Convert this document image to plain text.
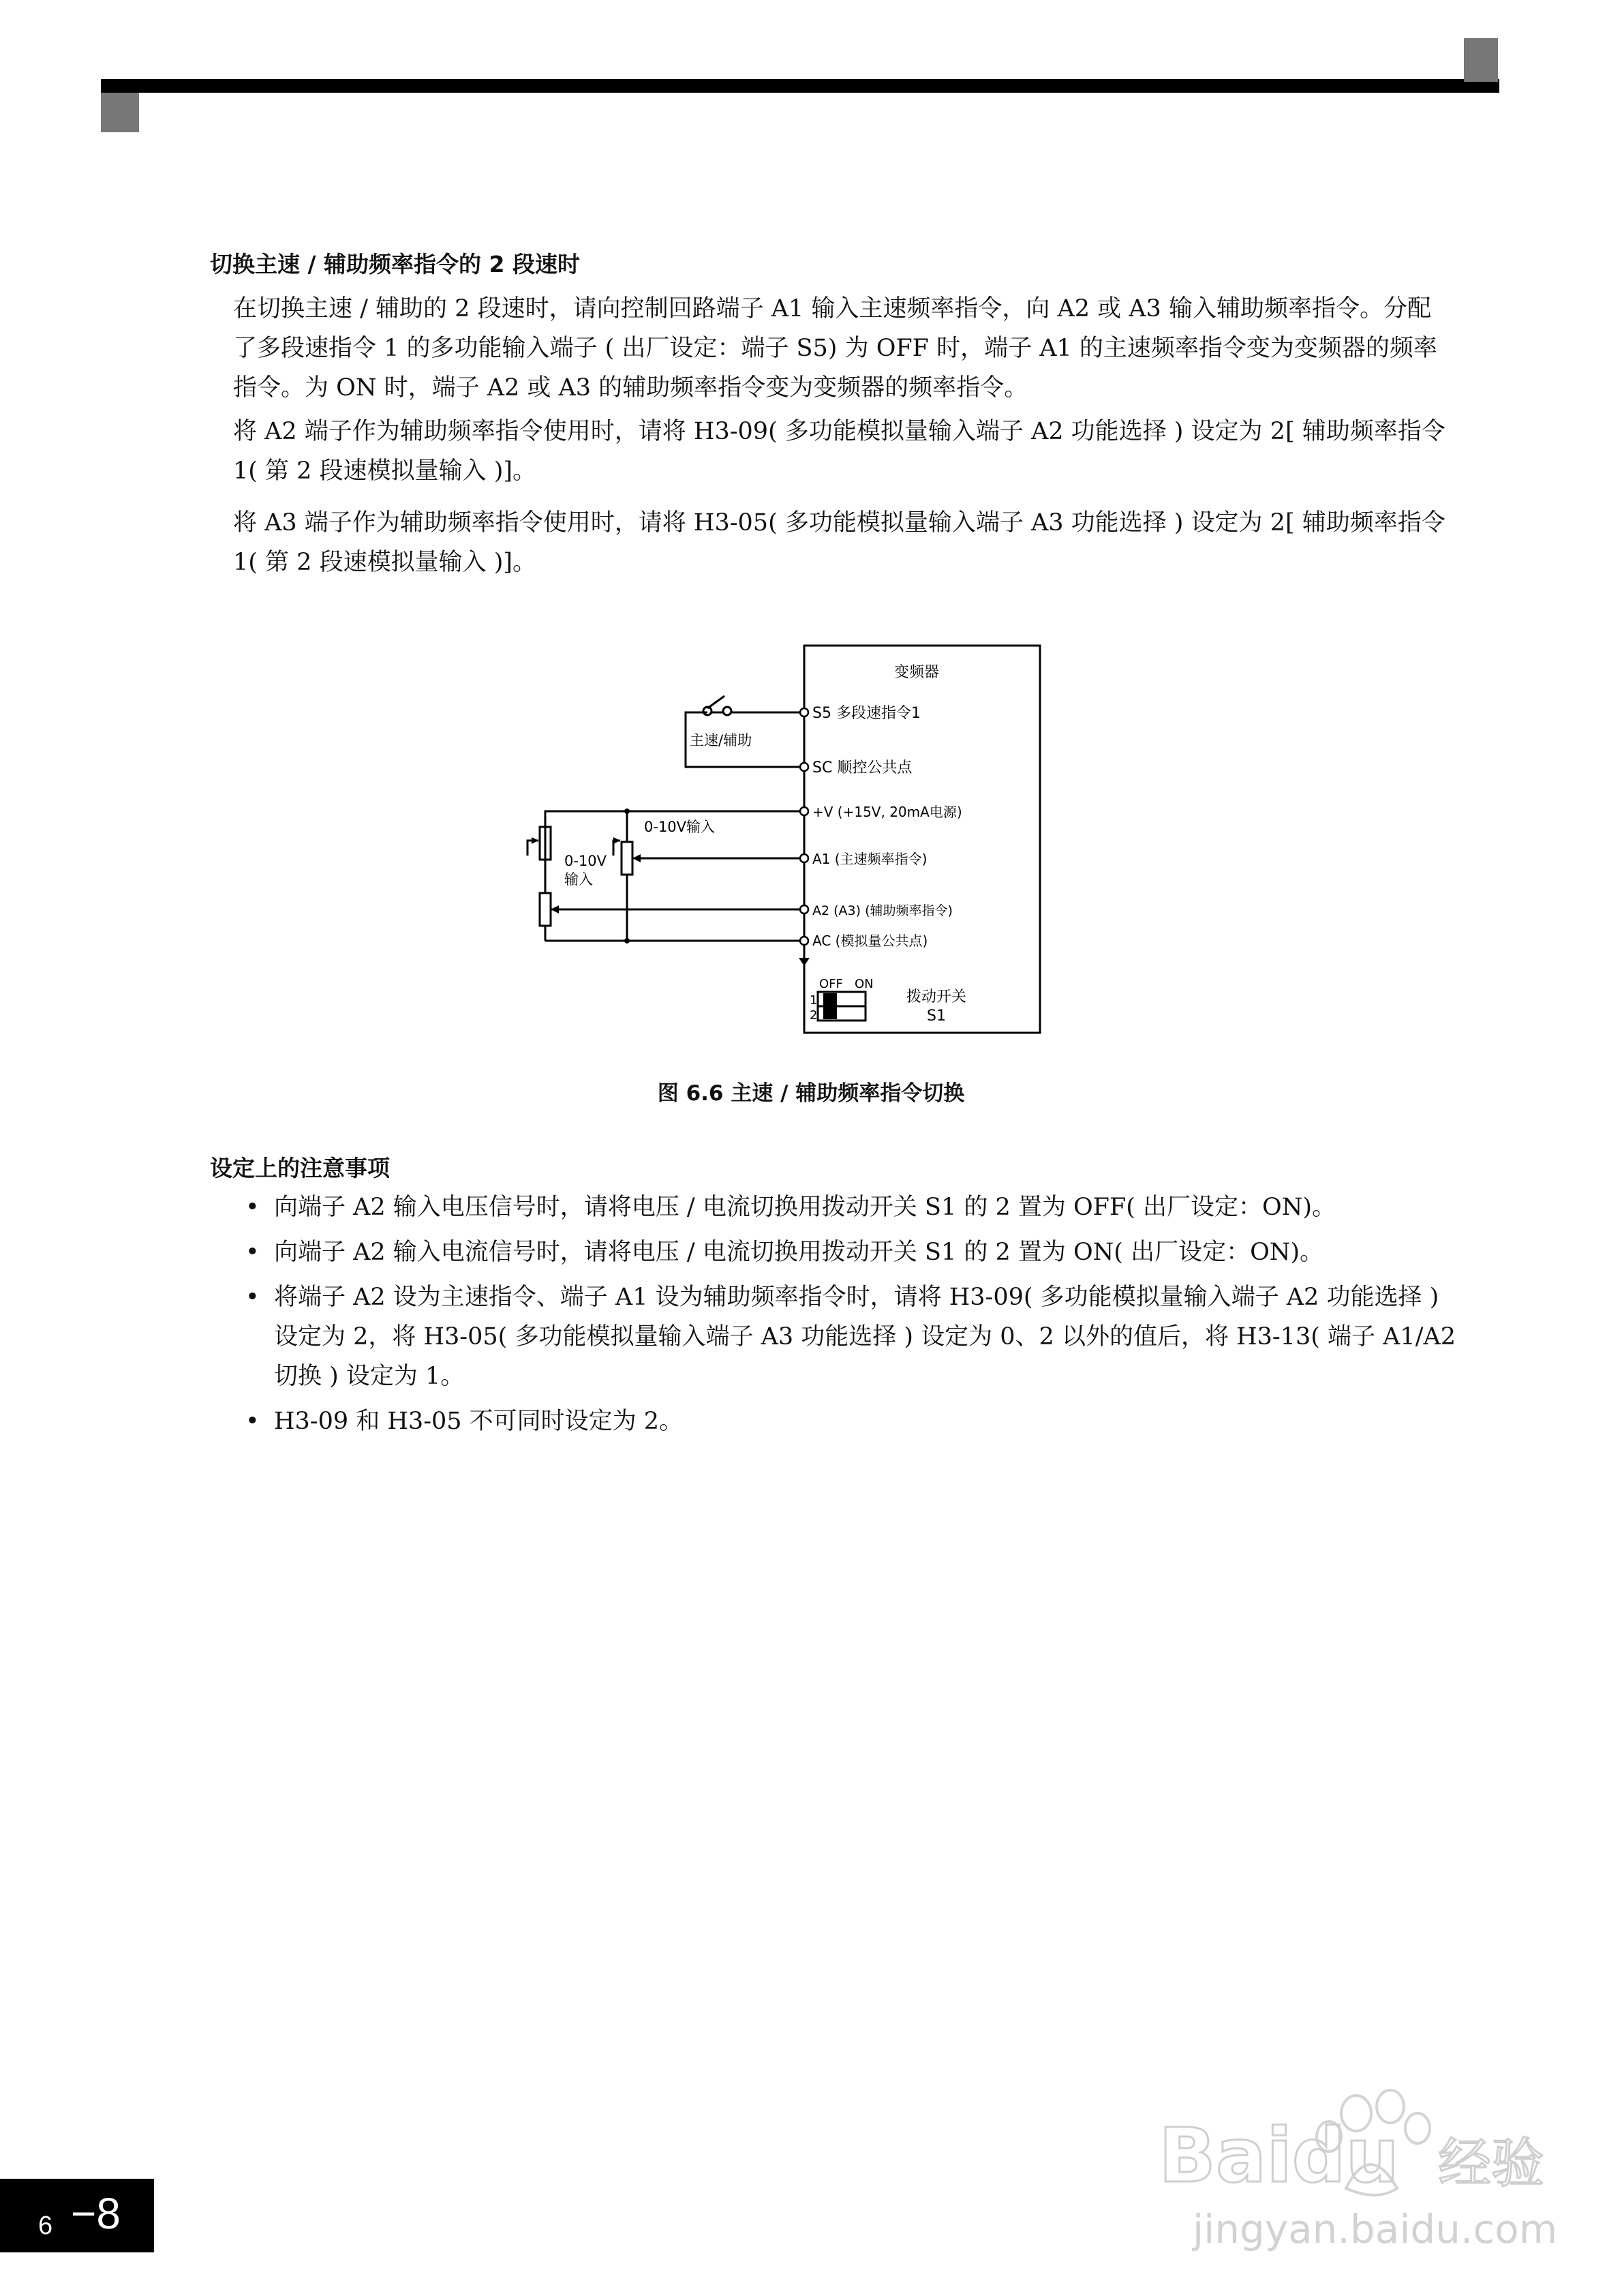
切换主速 / 辅助频率指令的 2 段速时

在切换主速 / 辅助的 2 段速时，请向控制回路端子 A1 输入主速频率指令，向 A2 或 A3 输入辅助频率指令。分配了多段速指令 1 的多功能输入端子 ( 出厂设定：端子 S5) 为 OFF 时，端子 A1 的主速频率指令变为变频器的频率指令。为 ON 时，端子 A2 或 A3 的辅助频率指令变为变频器的频率指令。

将 A2 端子作为辅助频率指令使用时，请将 H3-09( 多功能模拟量输入端子 A2 功能选择 ) 设定为 2[ 辅助频率指令 1( 第 2 段速模拟量输入 )]。

将 A3 端子作为辅助频率指令使用时，请将 H3-05( 多功能模拟量输入端子 A3 功能选择 ) 设定为 2[ 辅助频率指令 1( 第 2 段速模拟量输入 )]。

变频器
主速/辅助
S5 多段速指令1
SC 顺控公共点
+V (+15V, 20mA电源)
A1 (主速频率指令)
A2 (A3) (辅助频率指令)
AC (模拟量公共点)
0-10V输入
0-10V
输入
OFF ON
1
2
拨动开关
S1
图 6.6 主速 / 辅助频率指令切换
设定上的注意事项
• 向端子 A2 输入电压信号时，请将电压 / 电流切换用拨动开关 S1 的 2 置为 OFF( 出厂设定：ON)。
• 向端子 A2 输入电流信号时，请将电压 / 电流切换用拨动开关 S1 的 2 置为 ON( 出厂设定：ON)。
• 将端子 A2 设为主速指令、端子 A1 设为辅助频率指令时，请将 H3-09( 多功能模拟量输入端子 A2 功能选择 ) 设定为 2，将 H3-05( 多功能模拟量输入端子 A3 功能选择 ) 设定为 0、2 以外的值后，将 H3-13( 端子 A1/A2 切换 ) 设定为 1。
• H3-09 和 H3-05 不可同时设定为 2。
Baidu 经验
jingyan.baidu.com
6 −8
